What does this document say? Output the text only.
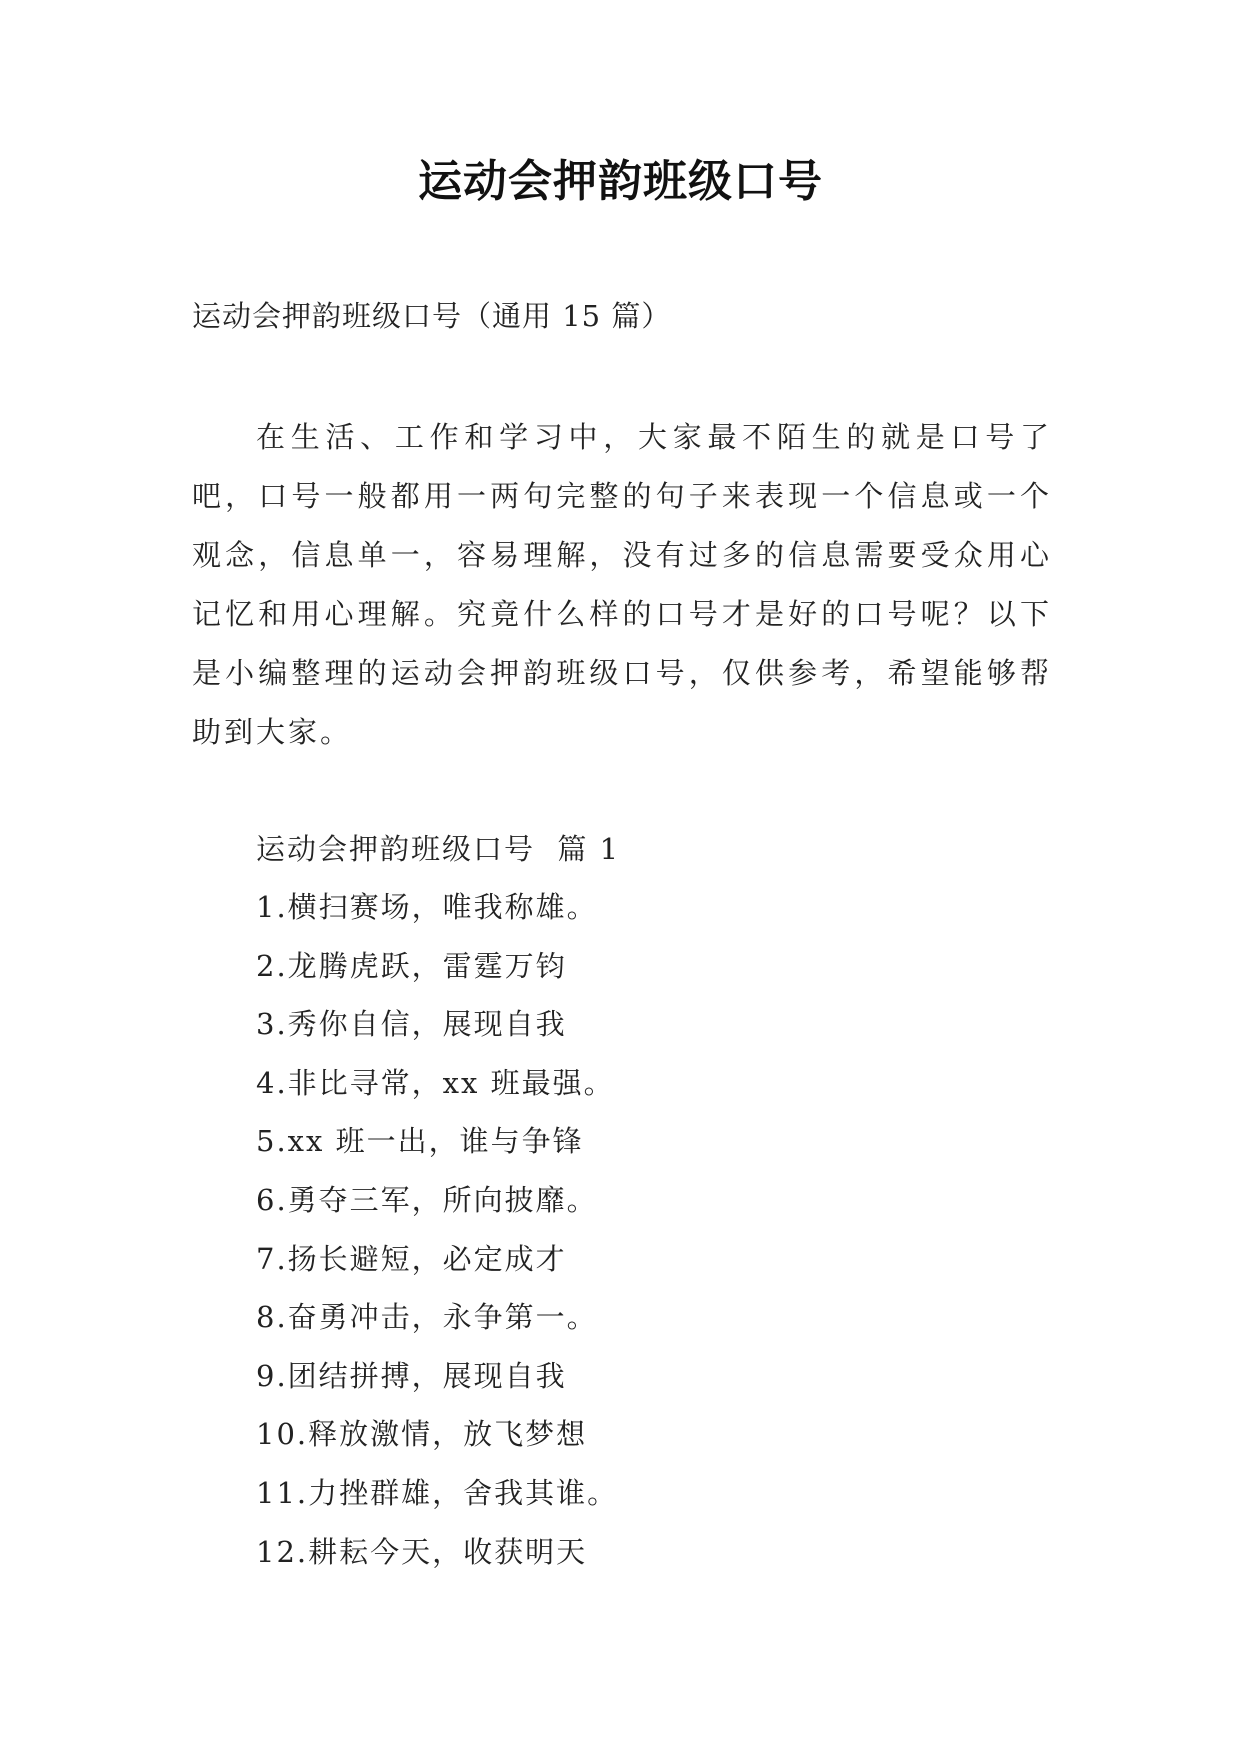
运动会押韵班级口号
运动会押韵班级口号（通用 15 篇）

在生活、工作和学习中，大家最不陌生的就是口号了吧，口号一般都用一两句完整的句子来表现一个信息或一个观念，信息单一，容易理解，没有过多的信息需要受众用心记忆和用心理解。究竟什么样的口号才是好的口号呢？以下是小编整理的运动会押韵班级口号，仅供参考，希望能够帮助到大家。

运动会押韵班级口号  篇 1
1.横扫赛场，唯我称雄。
2.龙腾虎跃，雷霆万钧
3.秀你自信，展现自我
4.非比寻常，xx 班最强。
5.xx 班一出，谁与争锋
6.勇夺三军，所向披靡。
7.扬长避短，必定成才
8.奋勇冲击，永争第一。
9.团结拼搏，展现自我
10.释放激情，放飞梦想
11.力挫群雄，舍我其谁。
12.耕耘今天，收获明天
